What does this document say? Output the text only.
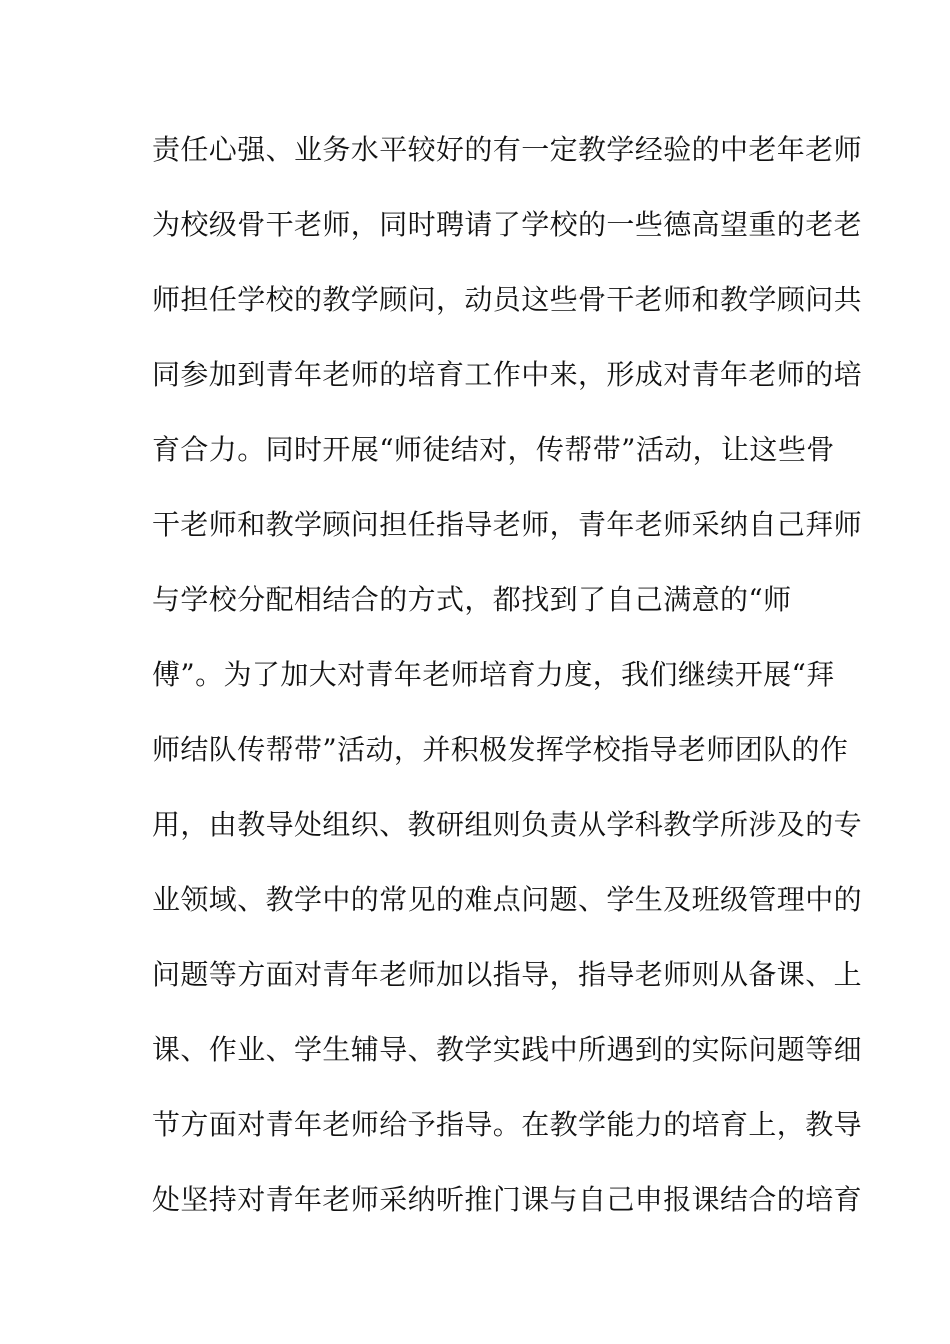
责任心强、业务水平较好的有一定教学经验的中老年老师
为校级骨干老师，同时聘请了学校的一些德高望重的老老
师担任学校的教学顾问，动员这些骨干老师和教学顾问共
同参加到青年老师的培育工作中来，形成对青年老师的培
育合力。同时开展“师徒结对，传帮带”活动，让这些骨
干老师和教学顾问担任指导老师，青年老师采纳自己拜师
与学校分配相结合的方式，都找到了自己满意的“师
傅”。为了加大对青年老师培育力度，我们继续开展“拜
师结队传帮带”活动，并积极发挥学校指导老师团队的作
用，由教导处组织、教研组则负责从学科教学所涉及的专
业领域、教学中的常见的难点问题、学生及班级管理中的
问题等方面对青年老师加以指导，指导老师则从备课、上
课、作业、学生辅导、教学实践中所遇到的实际问题等细
节方面对青年老师给予指导。在教学能力的培育上，教导
处坚持对青年老师采纳听推门课与自己申报课结合的培育
